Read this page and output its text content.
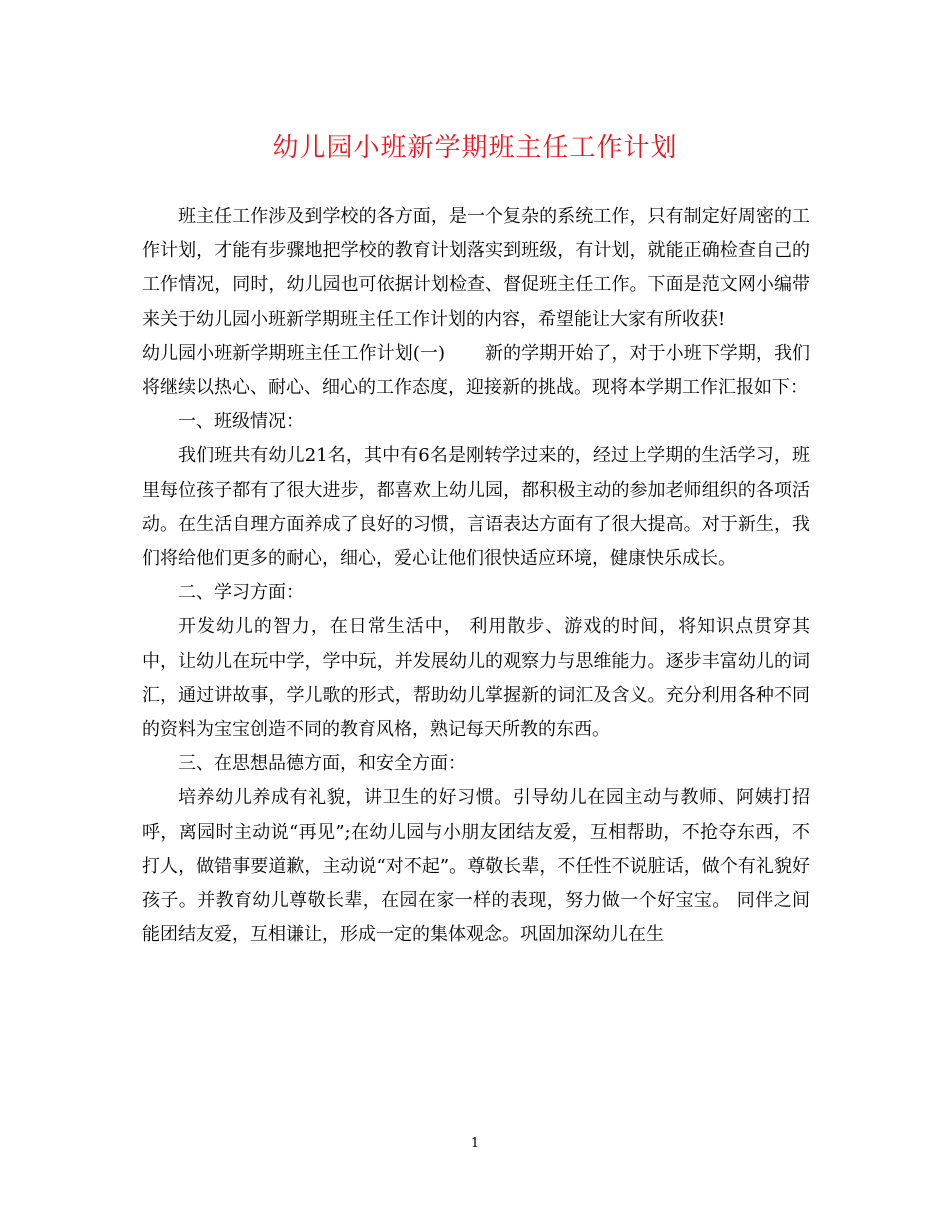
幼儿园小班新学期班主任工作计划

班主任工作涉及到学校的各方面，是一个复杂的系统工作，只有制定好周密的工作计划，才能有步骤地把学校的教育计划落实到班级，有计划，就能正确检查自己的工作情况，同时，幼儿园也可依据计划检查、督促班主任工作。下面是范文网小编带来关于幼儿园小班新学期班主任工作计划的内容，希望能让大家有所收获!

幼儿园小班新学期班主任工作计划(一) 新的学期开始了，对于小班下学期，我们将继续以热心、耐心、细心的工作态度，迎接新的挑战。现将本学期工作汇报如下：

一、班级情况：

我们班共有幼儿21名，其中有6名是刚转学过来的，经过上学期的生活学习，班里每位孩子都有了很大进步，都喜欢上幼儿园，都积极主动的参加老师组织的各项活动。在生活自理方面养成了良好的习惯，言语表达方面有了很大提高。对于新生，我们将给他们更多的耐心，细心，爱心让他们很快适应环境，健康快乐成长。

二、学习方面：

开发幼儿的智力，在日常生活中， 利用散步、游戏的时间，将知识点贯穿其中，让幼儿在玩中学，学中玩，并发展幼儿的观察力与思维能力。逐步丰富幼儿的词汇，通过讲故事，学儿歌的形式，帮助幼儿掌握新的词汇及含义。充分利用各种不同的资料为宝宝创造不同的教育风格，熟记每天所教的东西。

三、在思想品德方面，和安全方面：

培养幼儿养成有礼貌，讲卫生的好习惯。引导幼儿在园主动与教师、阿姨打招呼，离园时主动说“再见”;在幼儿园与小朋友团结友爱，互相帮助，不抢夺东西，不打人，做错事要道歉，主动说“对不起”。尊敬长辈，不任性不说脏话，做个有礼貌好孩子。并教育幼儿尊敬长辈，在园在家一样的表现，努力做一个好宝宝。 同伴之间能团结友爱，互相谦让，形成一定的集体观念。巩固加深幼儿在生

1
